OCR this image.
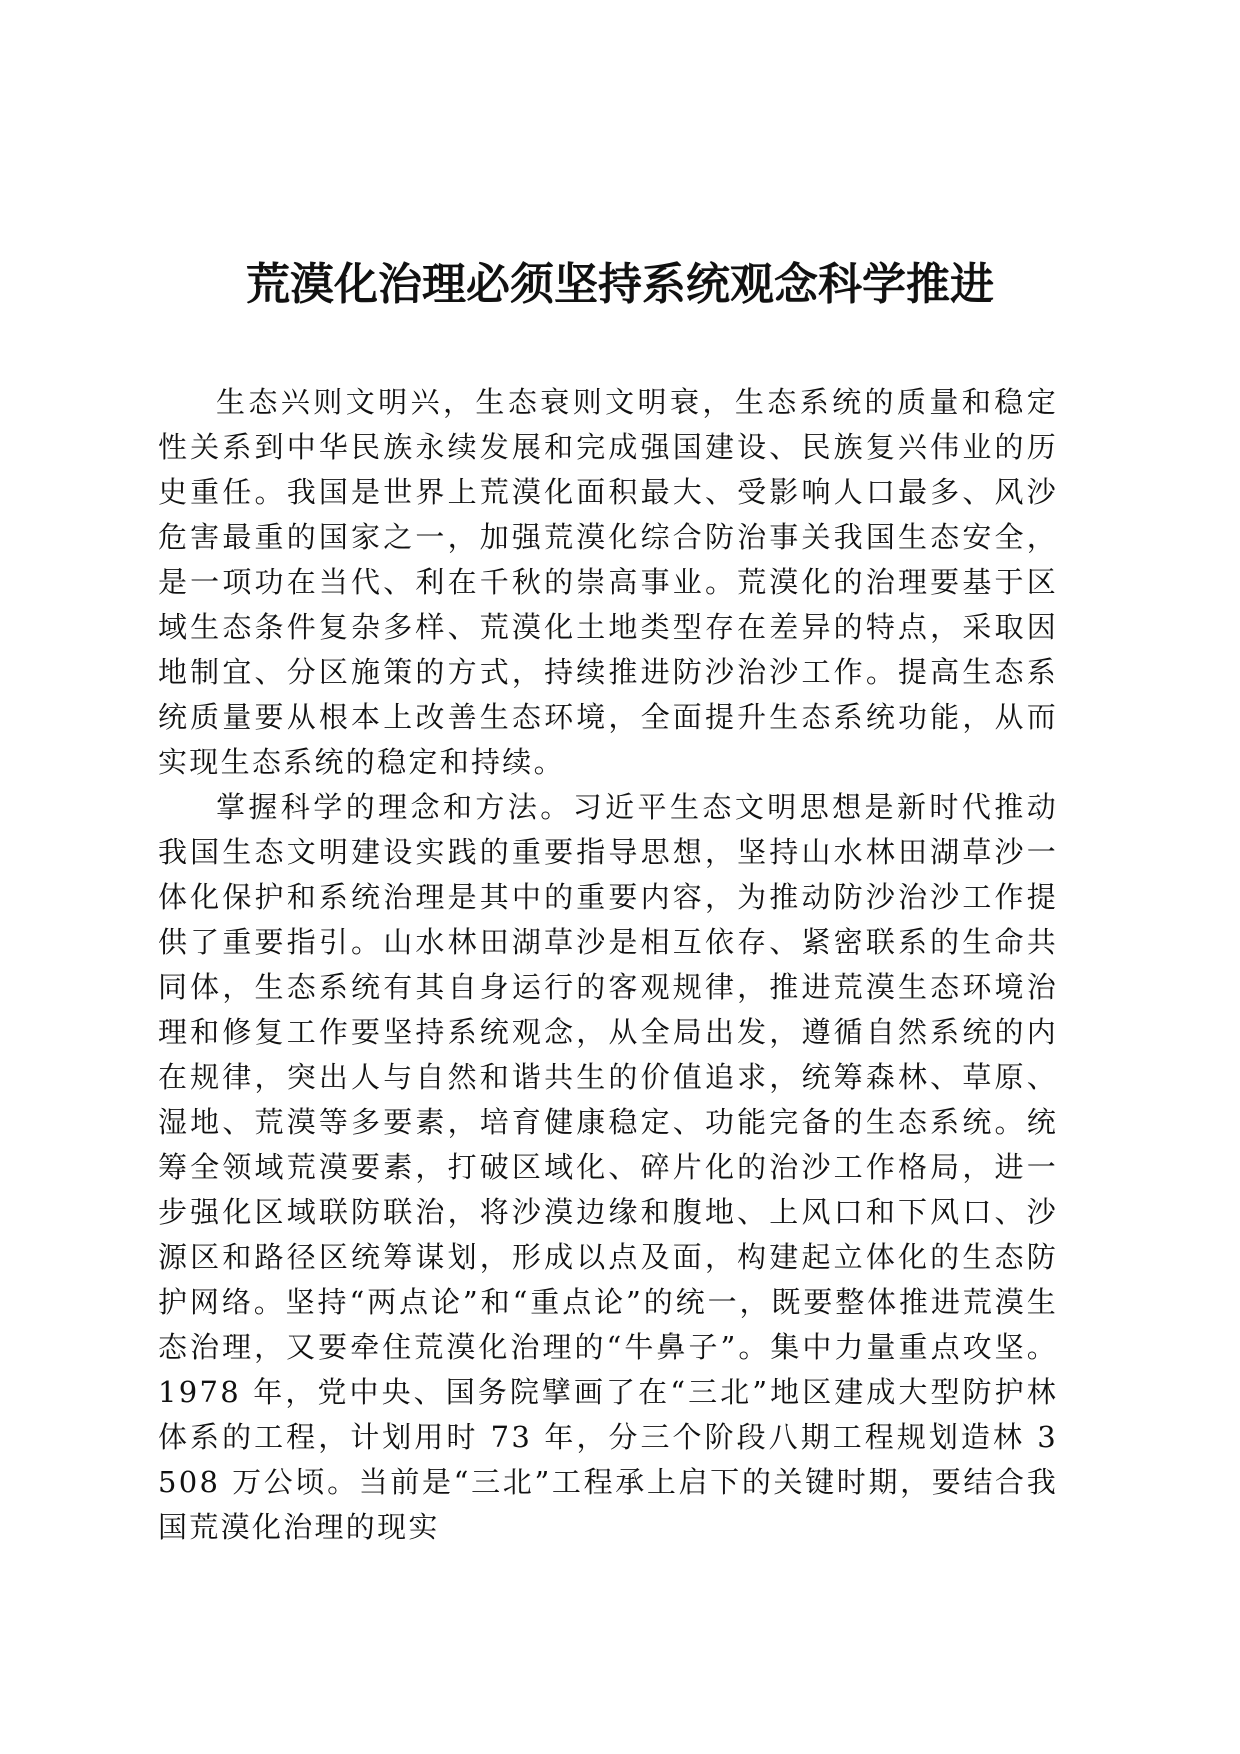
荒漠化治理必须坚持系统观念科学推进

生态兴则文明兴，生态衰则文明衰，生态系统的质量和稳定性关系到中华民族永续发展和完成强国建设、民族复兴伟业的历史重任。我国是世界上荒漠化面积最大、受影响人口最多、风沙危害最重的国家之一，加强荒漠化综合防治事关我国生态安全，是一项功在当代、利在千秋的崇高事业。荒漠化的治理要基于区域生态条件复杂多样、荒漠化土地类型存在差异的特点，采取因地制宜、分区施策的方式，持续推进防沙治沙工作。提高生态系统质量要从根本上改善生态环境，全面提升生态系统功能，从而实现生态系统的稳定和持续。

掌握科学的理念和方法。习近平生态文明思想是新时代推动我国生态文明建设实践的重要指导思想，坚持山水林田湖草沙一体化保护和系统治理是其中的重要内容，为推动防沙治沙工作提供了重要指引。山水林田湖草沙是相互依存、紧密联系的生命共同体，生态系统有其自身运行的客观规律，推进荒漠生态环境治理和修复工作要坚持系统观念，从全局出发，遵循自然系统的内在规律，突出人与自然和谐共生的价值追求，统筹森林、草原、湿地、荒漠等多要素，培育健康稳定、功能完备的生态系统。统筹全领域荒漠要素，打破区域化、碎片化的治沙工作格局，进一步强化区域联防联治，将沙漠边缘和腹地、上风口和下风口、沙源区和路径区统筹谋划，形成以点及面，构建起立体化的生态防护网络。坚持“两点论”和“重点论”的统一，既要整体推进荒漠生态治理，又要牵住荒漠化治理的“牛鼻子”。集中力量重点攻坚。1978 年，党中央、国务院擘画了在“三北”地区建成大型防护林体系的工程，计划用时 73 年，分三个阶段八期工程规划造林 3508 万公顷。当前是“三北”工程承上启下的关键时期，要结合我国荒漠化治理的现实
